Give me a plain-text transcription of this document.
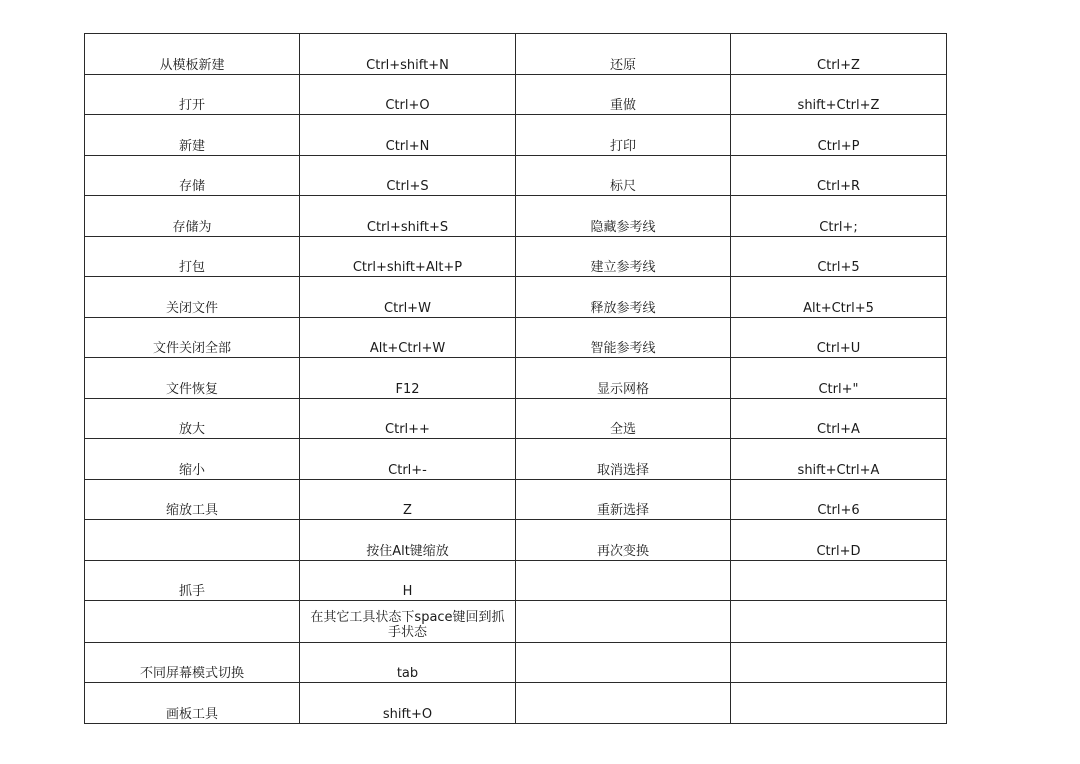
从模板新建	Ctrl+shift+N	还原	Ctrl+Z
打开	Ctrl+O	重做	shift+Ctrl+Z
新建	Ctrl+N	打印	Ctrl+P
存储	Ctrl+S	标尺	Ctrl+R
存储为	Ctrl+shift+S	隐藏参考线	Ctrl+;
打包	Ctrl+shift+Alt+P	建立参考线	Ctrl+5
关闭文件	Ctrl+W	释放参考线	Alt+Ctrl+5
文件关闭全部	Alt+Ctrl+W	智能参考线	Ctrl+U
文件恢复	F12	显示网格	Ctrl+"
放大	Ctrl++	全选	Ctrl+A
缩小	Ctrl+-	取消选择	shift+Ctrl+A
缩放工具	Z	重新选择	Ctrl+6
	按住Alt键缩放	再次变换	Ctrl+D
抓手	H		
	在其它工具状态下space键回到抓手状态		
不同屏幕模式切换	tab		
画板工具	shift+O		
